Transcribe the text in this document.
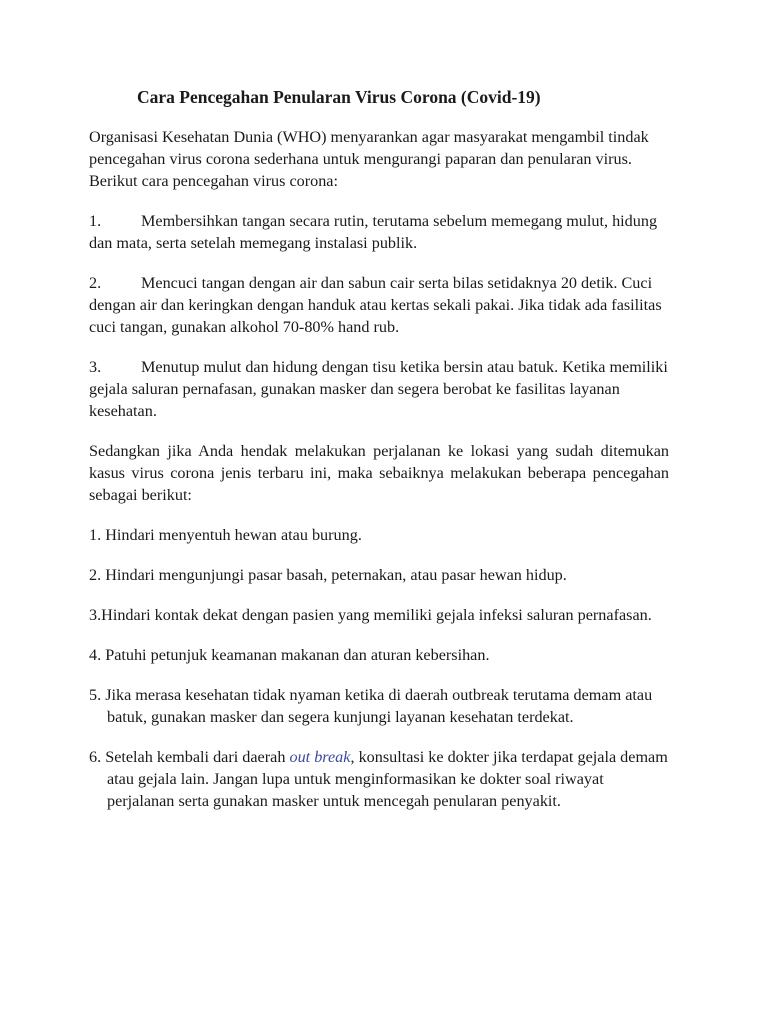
Cara Pencegahan Penularan Virus Corona (Covid-19)

Organisasi Kesehatan Dunia (WHO) menyarankan agar masyarakat mengambil tindak pencegahan virus corona sederhana untuk mengurangi paparan dan penularan virus.

Berikut cara pencegahan virus corona:

1. Membersihkan tangan secara rutin, terutama sebelum memegang mulut, hidung dan mata, serta setelah memegang instalasi publik.

2. Mencuci tangan dengan air dan sabun cair serta bilas setidaknya 20 detik. Cuci dengan air dan keringkan dengan handuk atau kertas sekali pakai. Jika tidak ada fasilitas cuci tangan, gunakan alkohol 70-80% hand rub.

3. Menutup mulut dan hidung dengan tisu ketika bersin atau batuk. Ketika memiliki gejala saluran pernafasan, gunakan masker dan segera berobat ke fasilitas layanan kesehatan.

Sedangkan jika Anda hendak melakukan perjalanan ke lokasi yang sudah ditemukan kasus virus corona jenis terbaru ini, maka sebaiknya melakukan beberapa pencegahan sebagai berikut:

1. Hindari menyentuh hewan atau burung.

2. Hindari mengunjungi pasar basah, peternakan, atau pasar hewan hidup.

3.Hindari kontak dekat dengan pasien yang memiliki gejala infeksi saluran pernafasan.

4. Patuhi petunjuk keamanan makanan dan aturan kebersihan.

5. Jika merasa kesehatan tidak nyaman ketika di daerah outbreak terutama demam atau batuk, gunakan masker dan segera kunjungi layanan kesehatan terdekat.

6. Setelah kembali dari daerah out break, konsultasi ke dokter jika terdapat gejala demam atau gejala lain. Jangan lupa untuk menginformasikan ke dokter soal riwayat perjalanan serta gunakan masker untuk mencegah penularan penyakit.
